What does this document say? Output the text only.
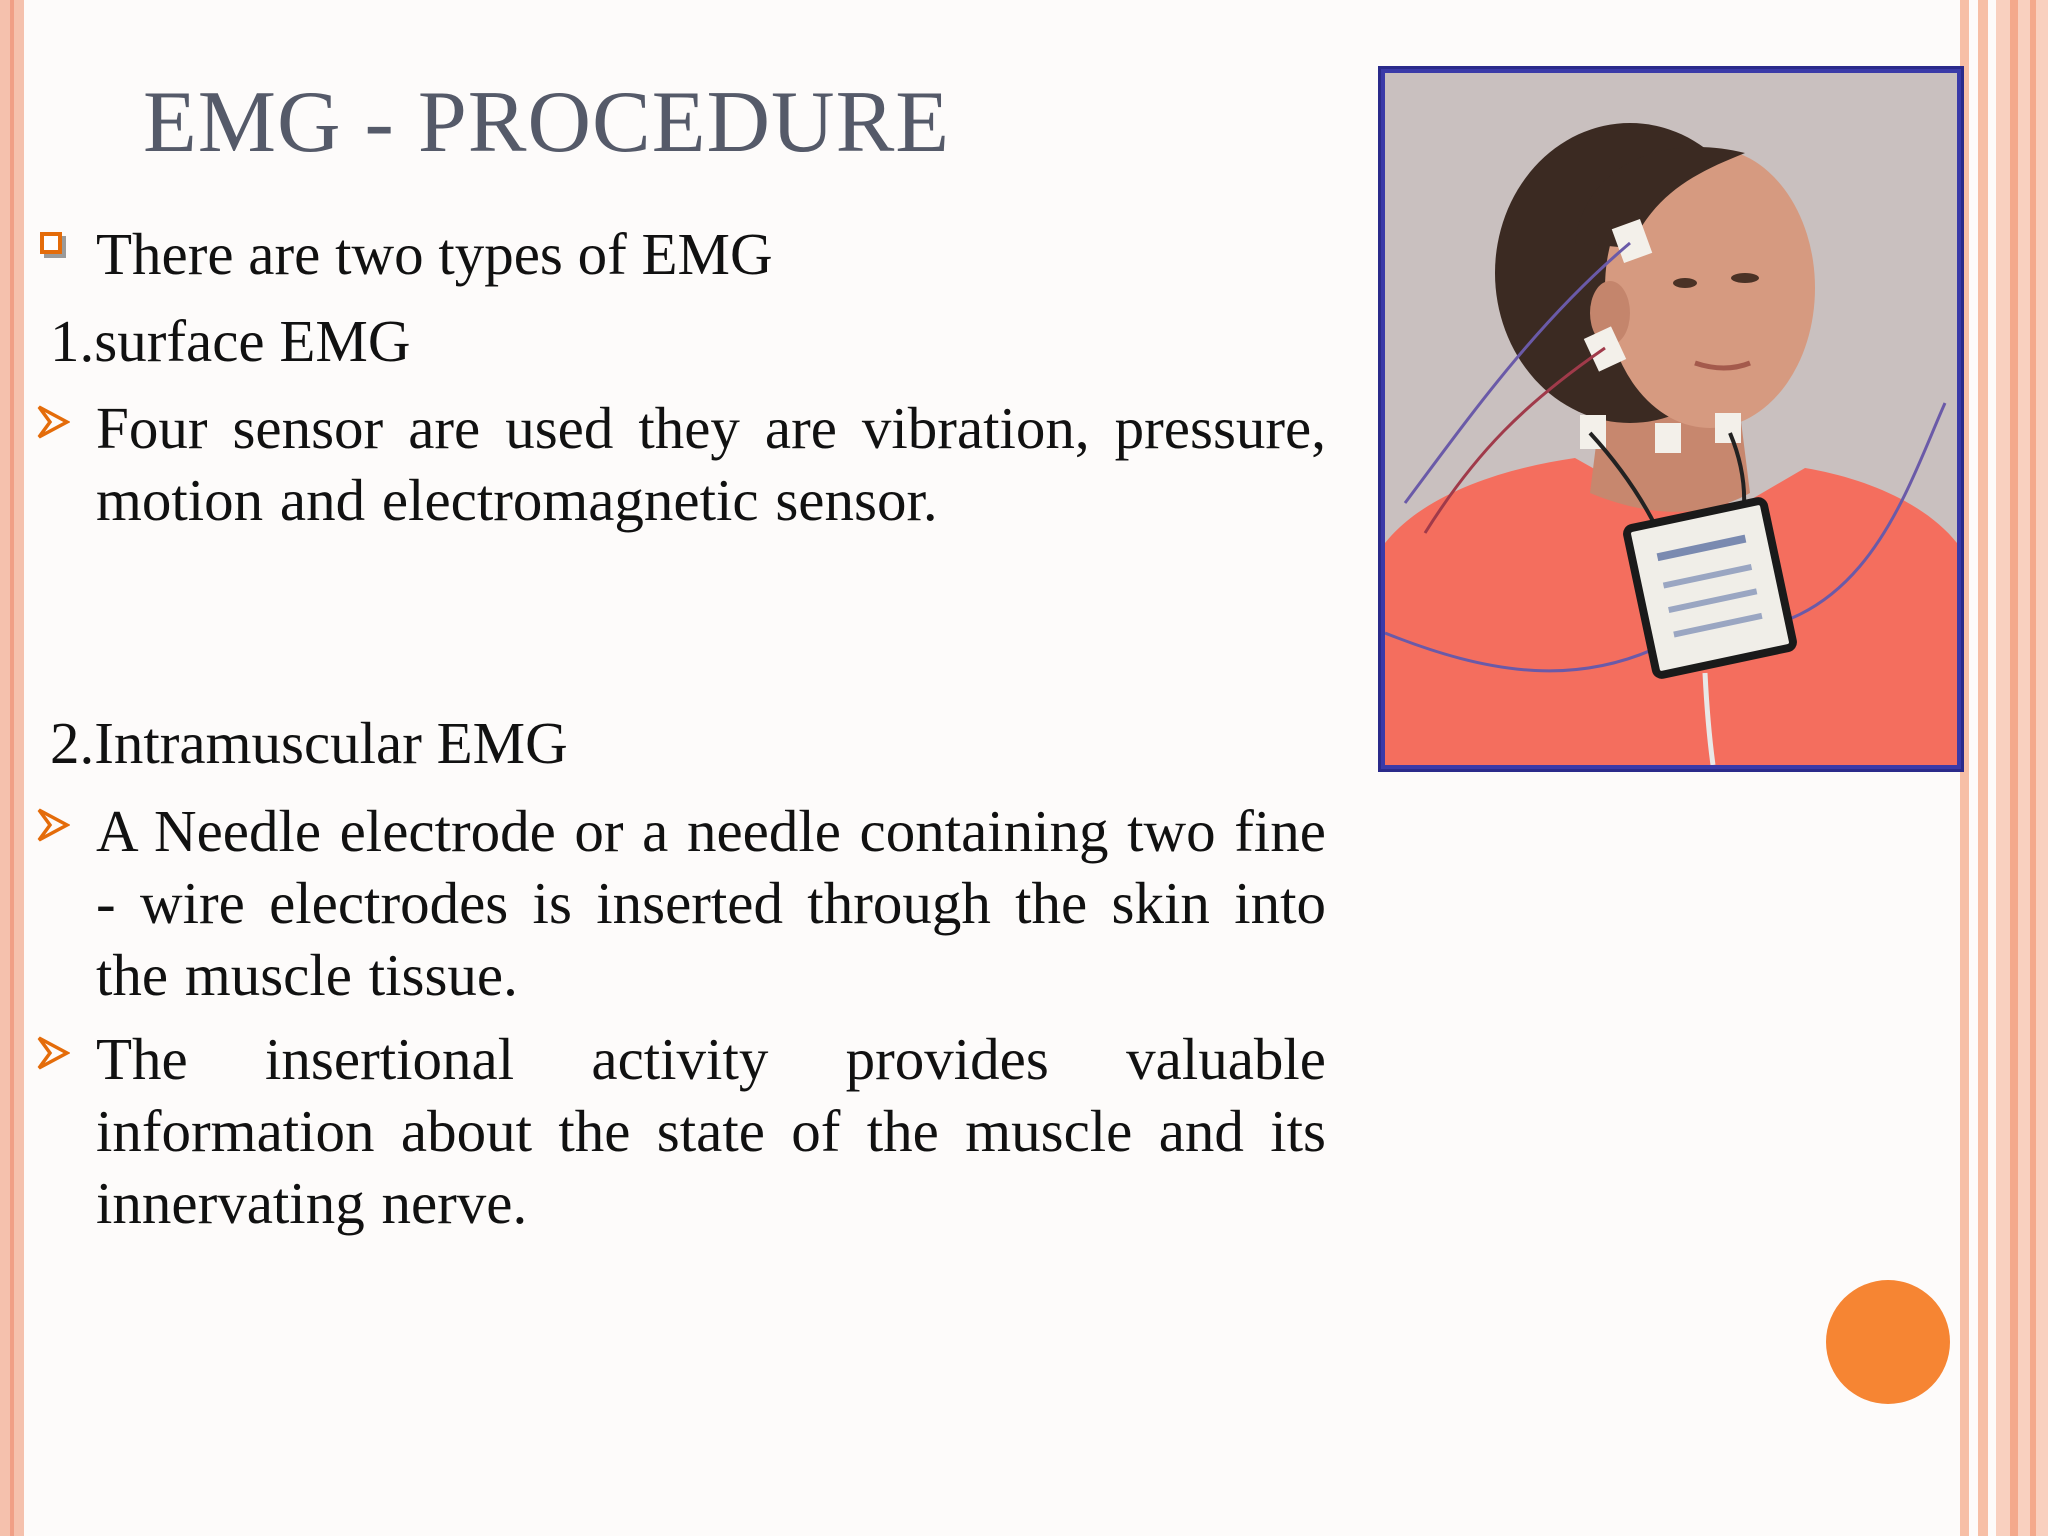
EMG - PROCEDURE
There are two types of EMG
1.surface EMG
Four sensor are used they are vibration, pressure, motion and electromagnetic sensor.
2.Intramuscular EMG
A Needle electrode or a needle containing two fine - wire electrodes is inserted through the skin into the muscle tissue.
The insertional activity provides valuable information about the state of the muscle and its innervating nerve.
